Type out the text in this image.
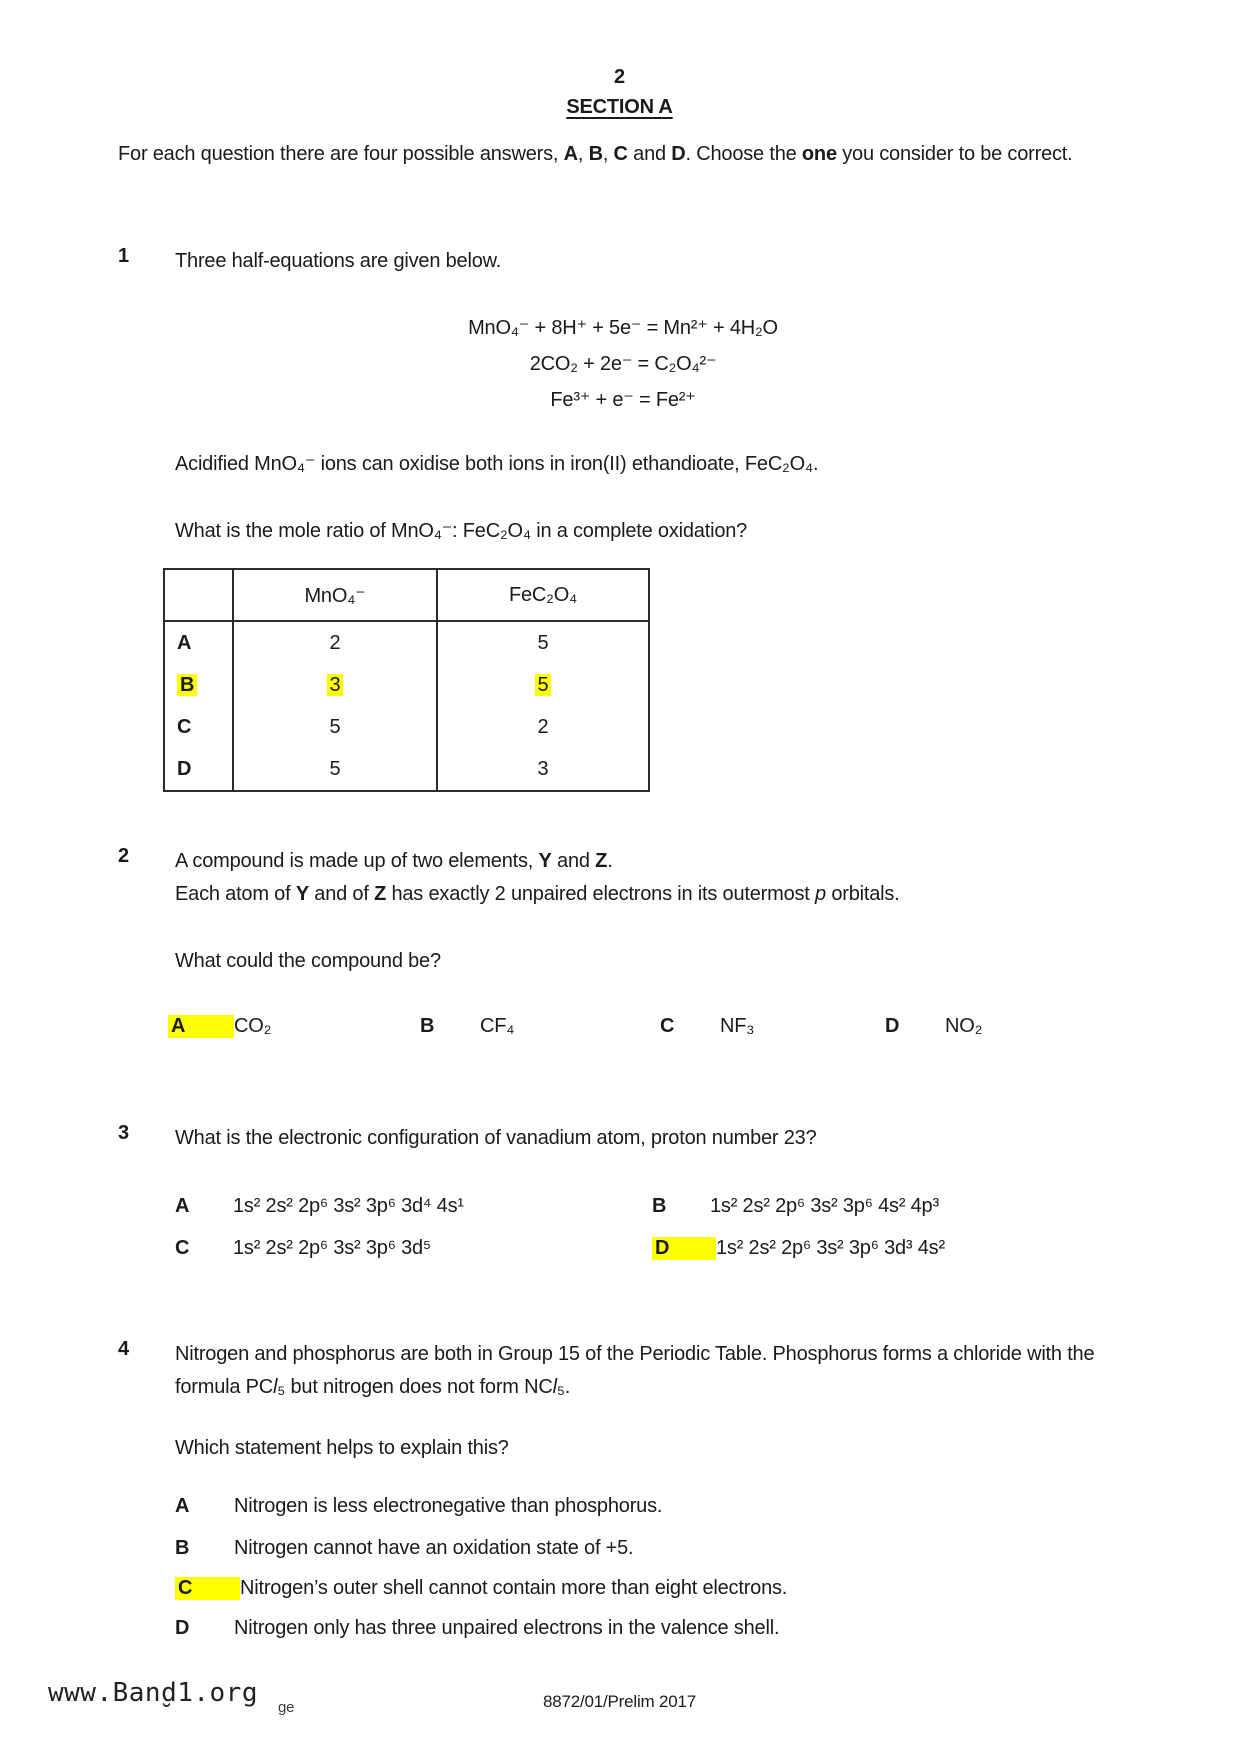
2
SECTION A
For each question there are four possible answers, A, B, C and D. Choose the one you consider to be correct.
1	Three half-equations are given below.
MnO₄⁻ + 8H⁺ + 5e⁻ = Mn²⁺ + 4H₂O
2CO₂ + 2e⁻ = C₂O₄²⁻
Fe³⁺ + e⁻ = Fe²⁺
Acidified MnO₄⁻ ions can oxidise both ions in iron(II) ethandioate, FeC₂O₄.
What is the mole ratio of MnO₄⁻: FeC₂O₄ in a complete oxidation?
	MnO₄⁻	FeC₂O₄
A	2	5
B	3	5
C	5	2
D	5	3
2	A compound is made up of two elements, Y and Z.
Each atom of Y and of Z has exactly 2 unpaired electrons in its outermost p orbitals.
What could the compound be?
A	CO₂	B	CF₄	C	NF₃	D	NO₂
3	What is the electronic configuration of vanadium atom, proton number 23?
A	1s² 2s² 2p⁶ 3s² 3p⁶ 3d⁴ 4s¹	B	1s² 2s² 2p⁶ 3s² 3p⁶ 4s² 4p³
C	1s² 2s² 2p⁶ 3s² 3p⁶ 3d⁵	D	1s² 2s² 2p⁶ 3s² 3p⁶ 3d³ 4s²
4	Nitrogen and phosphorus are both in Group 15 of the Periodic Table. Phosphorus forms a chloride with the formula PCl₅ but nitrogen does not form NCl₅.
Which statement helps to explain this?
A	Nitrogen is less electronegative than phosphorus.
B	Nitrogen cannot have an oxidation state of +5.
C	Nitrogen’s outer shell cannot contain more than eight electrons.
D	Nitrogen only has three unpaired electrons in the valence shell.
www.Band1.org
˘	ge	8872/01/Prelim 2017
